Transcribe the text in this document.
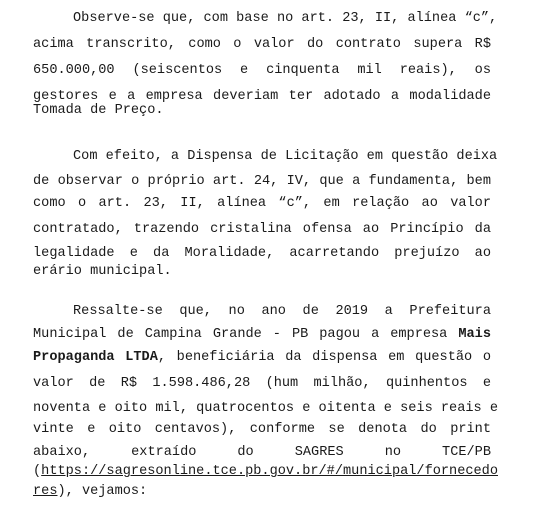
Observe-se que, com base no art. 23, II, alínea “c”,
acima transcrito, como o valor do contrato supera R$
650.000,00 (seiscentos e cinquenta mil reais), os
gestores e a empresa deveriam ter adotado a modalidade
Tomada de Preço.
Com efeito, a Dispensa de Licitação em questão deixa
de observar o próprio art. 24, IV, que a fundamenta, bem
como o art. 23, II, alínea “c”, em relação ao valor
contratado, trazendo cristalina ofensa ao Princípio da
legalidade e da Moralidade, acarretando prejuízo ao
erário municipal.
Ressalte-se que, no ano de 2019 a Prefeitura
Municipal de Campina Grande - PB pagou a empresa Mais
Propaganda LTDA, beneficiária da dispensa em questão o
valor de R$ 1.598.486,28 (hum milhão, quinhentos e
noventa e oito mil, quatrocentos e oitenta e seis reais e
vinte e oito centavos), conforme se denota do print
abaixo, extraído do SAGRES no TCE/PB
(https://sagresonline.tce.pb.gov.br/#/municipal/fornecedo
res), vejamos:
